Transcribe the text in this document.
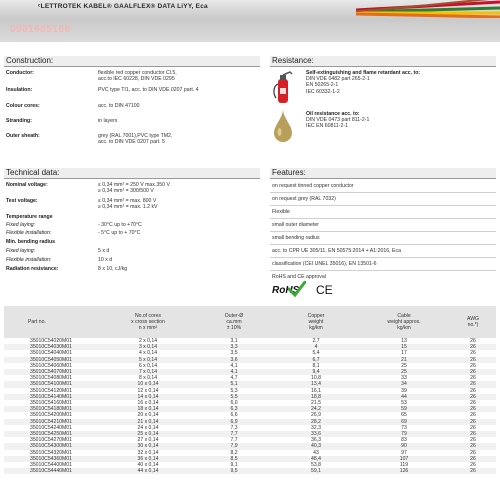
ᶜLETTROTEK KABEL® GAALFLEX® DATA LiYY, Eca
0981685188
Construction:
Conductor:	flexible red copper conductor Cl.5,
acc.to IEC 60228, DIN VDE 0295
Insulation:	PVC type TI1, acc. to DIN VDE 0207 part. 4
Colour cores:	acc. to DIN 47100
Stranding:	in layers
Outer sheath:	grey (RAL 7001),PVC type TM2,
acc. to DIN VDE 0207 part. 5
Resistance:
Self-extinguishing and flame retardant acc. to:
DIN VDE 0482 part 265-2-1
EN 50265-2-1
IEC 60332-1-2
Oil resistance acc. to:
DIN VDE 0473 part 811-2-1
IEC EN 60811-2-1
Technical data:
Nominal voltage:	≤ 0,34 mm² = 250 V max.350 V
≥ 0,34 mm² = 300/500 V
Test voltage:	≤ 0,34 mm² = max. 800 V
≥ 0,34 mm² = max. 1.2 kV
Temperature range
Fixed laying:	- 30°C up to +70°C
Flexible installation:	- 5°C up to + 70°C
Min. bending radius
Fixed laying:	5 x d
Flexible installation:	10 x d
Radiation resistance:	8 x 10, cJ/kg
Features:
on request tinned copper conductor
on request grey (RAL 7032)
Flexible
small outer diameter
small bending radius
acc. to CPR UE 305/11, EN 50575:2014 + A1:2016, Eca
classification (CEI UNEL 35016), EN 13501-6
RoHS and CE approval
RoHS CE
Part no.	No.of cores
x cross section
n x mm²	Outer-Ø
ca.mm
± 10%	Copper
weight
kg/km	Cable
weight approx.
kg/km	AWG
no.*)
35010C54020M01	2 x 0,14	3,1	2,7	13	26
35010C54030M01	3 x 0,14	3,3	4	15	26
35010C54040M01	4 x 0,14	3,5	5,4	17	26
35010C54050M01	5 x 0,14	3,6	6,7	21	26
35010C54060M01	6 x 0,14	4,1	8,1	25	26
35010C54070M01	7 x 0,14	4,1	9,4	25	26
35010C54080M01	8 x 0,14	4,7	10,8	33	26
35010C54100M01	10 x 0,14	5,1	13,4	34	26
35010C54120M01	12 x 0,14	5,3	16,1	39	26
35010C54140M01	14 x 0,14	5,5	18,8	44	26
35010C54160M01	16 x 0,14	6,0	21,5	53	26
35010C54180M01	18 x 0,14	6,3	24,2	59	26
35010C54200M01	20 x 0,14	6,6	26,9	65	26
35010C54210M01	21 x 0,14	6,9	28,2	69	26
35010C54240M01	24 x 0,14	7,3	32,3	73	26
35010C54250M01	25 x 0,14	7,7	33,6	79	26
35010C54270M01	27 x 0,14	7,7	36,3	83	26
35010C54300M01	30 x 0,14	7,9	40,3	90	26
35010C54320M01	32 x 0,14	8,2	43	97	26
35010C54360M01	36 x 0,14	8,5	48,4	107	26
35010C54400M01	40 x 0,14	9,1	53,8	119	26
35010C54440M01	44 x 0,14	9,5	59,1	126	26
